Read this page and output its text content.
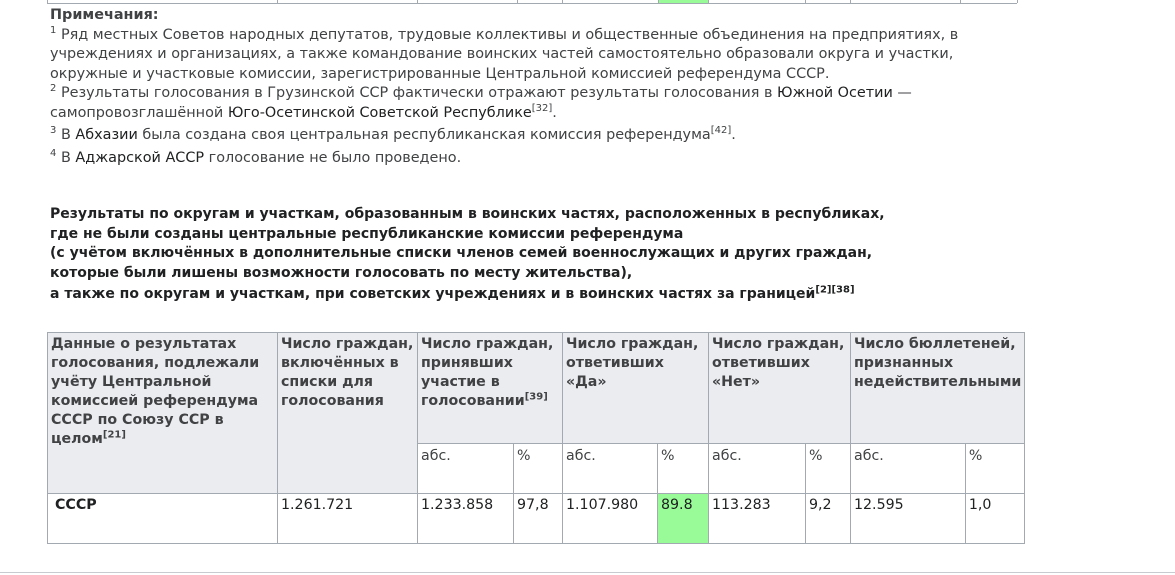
Примечания:

$^1$ Ряд местных Советов народных депутатов, трудовые коллективы и общественные объединения на предприятиях, в учреждениях и организациях, а также командование воинских частей самостоятельно образовали округа и участки, окружные и участковые комиссии, зарегистрированные Центральной комиссией референдума СССР.

$^2$ Результаты голосования в Грузинской ССР фактически отражают результаты голосования в Южной Осетии — самопровозглашённой Юго-Осетинской Советской Республике[32].

$^3$ В Абхазии была создана своя центральная республиканская комиссия референдума[42].

$^4$ В Аджарской АССР голосование не было проведено.

Результаты по округам и участкам, образованным в воинских частях, расположенных в республиках,

где не были созданы центральные республиканские комиссии референдума

(с учётом включённых в дополнительные списки членов семей военнослужащих и других граждан,

которые были лишены возможности голосовать по месту жительства),

а также по округам и участкам, при советских учреждениях и в воинских частях за границей[2][38]

Данные о результатах голосования, подлежали учёту Центральной комиссией референдума СССР по Союзу ССР в целом[21]	Число граждан, включённых в списки для голосования	Число граждан, принявших участие в голосовании[39]		Число граждан, ответивших «Да»		Число граждан, ответивших «Нет»		Число бюллетеней, признанных недействительными	
		абс.	%	абс.	%	абс.	%	абс.	%
СССР	1.261.721	1.233.858	97,8	1.107.980	89.8	113.283	9,2	12.595	1,0
